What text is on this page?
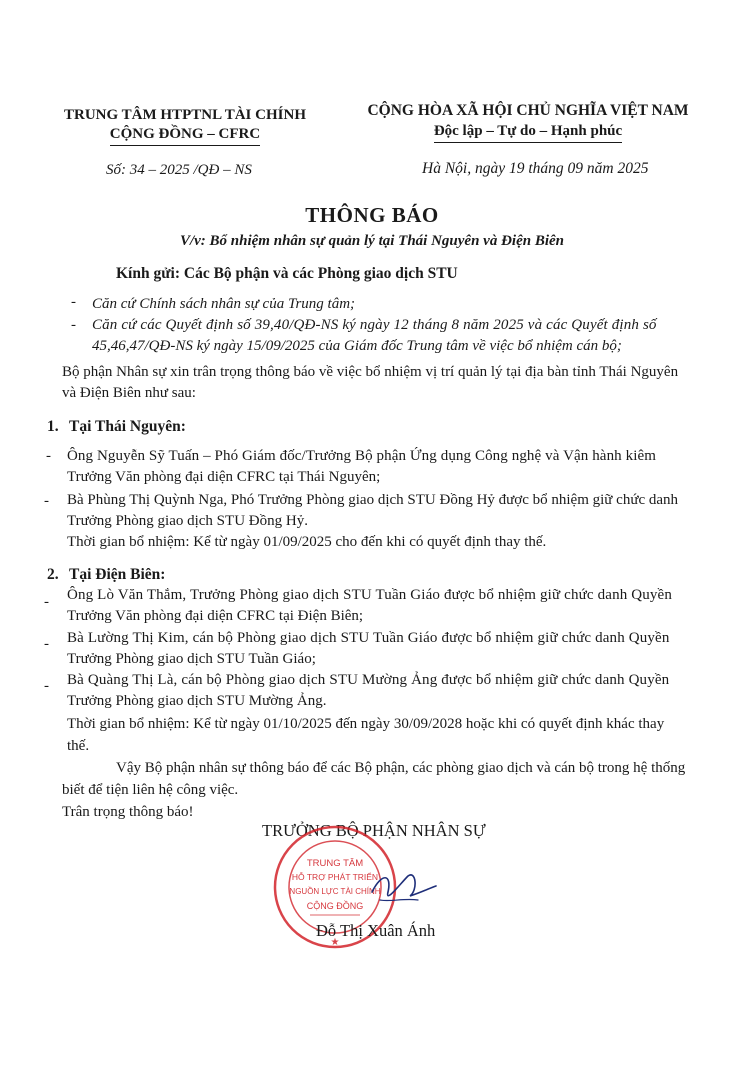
TRUNG TÂM HTPTNL TÀI CHÍNH
CỘNG ĐỒNG – CFRC
CỘNG HÒA XÃ HỘI CHỦ NGHĨA VIỆT NAM
Độc lập – Tự do – Hạnh phúc
Số: 34 – 2025 /QĐ – NS	Hà Nội, ngày 19 tháng 09 năm 2025
THÔNG BÁO
V/v: Bổ nhiệm nhân sự quản lý tại Thái Nguyên và Điện Biên
Kính gửi: Các Bộ phận và các Phòng giao dịch STU
- Căn cứ Chính sách nhân sự của Trung tâm;
- Căn cứ các Quyết định số 39,40/QĐ-NS ký ngày 12 tháng 8 năm 2025 và các Quyết định số
45,46,47/QĐ-NS ký ngày 15/09/2025 của Giám đốc Trung tâm về việc bổ nhiệm cán bộ;
Bộ phận Nhân sự xin trân trọng thông báo về việc bổ nhiệm vị trí quản lý tại địa bàn tỉnh Thái Nguyên
và Điện Biên như sau:
1. Tại Thái Nguyên:
- Ông Nguyễn Sỹ Tuấn – Phó Giám đốc/Trưởng Bộ phận Ứng dụng Công nghệ và Vận hành kiêm
Trưởng Văn phòng đại diện CFRC tại Thái Nguyên;
- Bà Phùng Thị Quỳnh Nga, Phó Trưởng Phòng giao dịch STU Đồng Hỷ được bổ nhiệm giữ chức danh
Trưởng Phòng giao dịch STU Đồng Hỷ.
Thời gian bổ nhiệm: Kể từ ngày 01/09/2025 cho đến khi có quyết định thay thế.
2. Tại Điện Biên:
- Ông Lò Văn Thắm, Trưởng Phòng giao dịch STU Tuần Giáo được bổ nhiệm giữ chức danh Quyền
Trưởng Văn phòng đại diện CFRC tại Điện Biên;
- Bà Lường Thị Kim, cán bộ Phòng giao dịch STU Tuần Giáo được bổ nhiệm giữ chức danh Quyền
Trưởng Phòng giao dịch STU Tuần Giáo;
- Bà Quàng Thị Là, cán bộ Phòng giao dịch STU Mường Ảng được bổ nhiệm giữ chức danh Quyền
Trưởng Phòng giao dịch STU Mường Ảng.
Thời gian bổ nhiệm: Kể từ ngày 01/10/2025 đến ngày 30/09/2028 hoặc khi có quyết định khác thay
thế.
Vậy Bộ phận nhân sự thông báo để các Bộ phận, các phòng giao dịch và cán bộ trong hệ thống
biết để tiện liên hệ công việc.
Trân trọng thông báo!
TRƯỞNG BỘ PHẬN NHÂN SỰ
TRUNG TÂM
HỖ TRỢ PHÁT TRIỂN
NGUỒN LỰC TÀI CHÍNH
CỘNG ĐỒNG
★
Đỗ Thị Xuân Ánh
